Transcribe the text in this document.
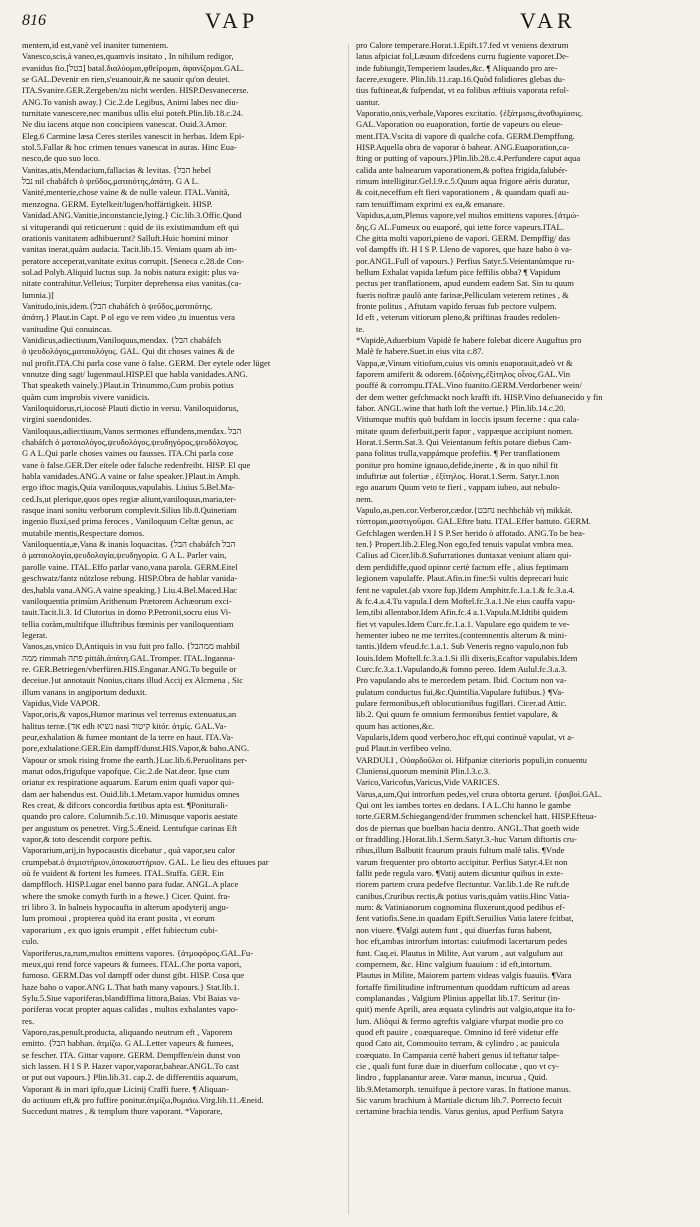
816	VAP	VAR
mentem,id est,vanè vel inaniter tumentem.
Vanesco,scis,à vaneo,es,quamvis insitato , In nihilum redigor,
evanidus fio.[בטל] batal.διαλύομαι,φθείρομαι, ἀφανίζομαι.GAL.
se GAL.Devenir en rien,s'euanouir,& ne sauoir qu'on deuiet.
ITA.Svanire.GER.Zergeben/zu nicht werden. HISP.Desvanecerse.
ANG.To vanish away.} Cic.2.de Legibus, Animi labes nec diu-
turnitate vanescere,nec manibus ullis elui poteft.Plin.lib.18.c.24.
Ne diu iacens atque non concipiens vanescat. Ouid.3.Amor.
Eleg.6 Carmine læsa Ceres steriles vanescit in herbas. Idem Epi-
stol.5.Fallar & hoc crimen tenues vanescat in auras. Hinc Eua-
nesco,de quo suo loco.
Vanitas,atis,Mendacium,fallacias & levitas. {הבל hebel
נבל nil chabáfch ὁ ψεῦδος,ματαιότης,ἀπάτη. G A L.
Vanité,menterie,chose vaine & de nulle valeur. ITAL.Vanità,
menzogna. GERM. Eytelkeit/lugen/hoffärtigkeit. HISP.
Vanidad.ANG.Vanitie,inconstancie,lying.} Cic.lib.3.Offic.Quod
si vituperandi qui reticuerunt : quid de iis existimandum eft qui
orationis vanitatem adhibuerunt? Salluft.Huic homini minor
vanitas inerat,quàm audacia. Tacit.lib.15. Veniam quam ab im-
peratore acceperat,vanitate exitus corrupit. [Seneca c.28.de Con-
sol.ad Polyb.Aliquid luctus sup. Ja nobis natura exigit: plus va-
nitate contrahitur.Velleius; Turpiter deprehensa eius vanitas.(ca-
lumnia.)]
Vanitudo,inis,idem.{הבל chabáfch ὁ ψεῦδος,ματαιότης.
ἀπάτη.} Plaut.in Capt. P ol ego ve rem video ,tu inuentus vera
vanitudine Qui conuincas.
Vanidicus,adiectiuum,Vaniloquus,mendax. {הבל chabáfch
ὁ ψευδολόγος,ματαιολόγος. GAL. Qui dit choses vaines & de
nul profit.ITA.Chi parla cose vane ò false. GERM. Der eytele oder lüget
vnnutze ding sagt/ lugenmaul.HISP.El que habla vanidades.ANG.
That speaketh vainely.}Plaut.in Trinummo,Cum probis potius
quàm cum improbis vivere vanidicis.
Vaniloquidorus,ri,iocosè Plauti dictio in versu. Vaniloquidorus,
virgini suendonides.
Vaniloquus,adiectiuum,Vanos sermones effundens,mendax. הבל
chabáfch ὁ ματαιολόγος,ψευδολόγος,ψευδηγόρος,ψευδόλογος.
G A L.Qui parle choses vaines ou fausses. ITA.Chi parla cose
vane ò false.GER.Der eitele oder falsche redenfreibt. HISP. El que
habla vanidades.ANG.A vaine or false speaker.}Plaut.in Amph.
ergo iftoc magis,Quia vaniloquus,vapulabis. Liuius 5.Bel.Ma-
ced.Is,ut plerique,quos opes regiæ aliunt,vaniloquus,maria,ter-
rasque inani sonitu verborum complevit.Silius lib.8.Quinetiam
ingenio fluxi,sed prima feroces , Vaniloquum Celtæ genus, ac
mutabile mentis,Respectare domos.
Vaniloquentia,æ,Vana & inanis loquacitas. {הבל chabáfch הבל
ὁ ματαιολογία,ψευδολογία,ψευδηγορία. G A L. Parler vain,
parolle vaine. ITAL.Effo parlar vano,vana parola. GERM.Eitel
geschwatz/fantz nützlose rebung. HISP.Obra de hablar vanida-
des,habla vana.ANG.A vaine speaking.} Liu.4.Bel.Maced.Hac
vaniloquentia primùm Arithenum Prætorem Achæorum exci-
tauit.Tacit.li.3. Id Clutorius in domo P.Petronii,socru eius Vi-
tellia coràm,multifque illuftribus fœminis per vaniloquentiam
legerat.
Vanos,as,vnico D,Antiquis in vsu fuit pro fallo. {ממהבל mahbil
ממה rimmah פתה pittáh.ἀπάτη.GAL.Tromper. ITAL.Inganna-
re. GER.Betriegen/vberfüren.HIS.Enganar.ANG.To beguile or
deceiue.}ut annotauit Nonius,citans illud Accij ex Alcmena , Sic
illum vanans in angiportum deduxit.
Vapidus,Vide VAPOR.
Vapor,oris,& vapos,Humor marinus vel terrenus extenuatus,an
halitus terræ.{אד edh נשיא nasi קיטור kitór. ἀτμίς. GAL.Va-
peur,exhalation & fumee montant de la terre en haut. ITA.Va-
pore,exhalatione.GER.Ein dampff/dunst.HIS.Vapor,& baho.ANG.
Vapour or smok rising frome the earth.}Luc.lib.6.Peruolitans per-
manat odos,frigufque vapofque. Cic.2.de Nat.deor. Ipse cum
oriatur ex respiratione aquarum. Earum enim quafi vapor qui-
dam aer habendus est. Ouid.lib.1.Metam.vapor humidus omnes
Res creat, & difcors concordia fœtibus apta est. ¶Poniturali-
quando pro calore. Columnib.5.c.10. Minusque vaporis aestate
per angustum os penetret. Virg.5.Æneid. Lentufque carinas Eft
vapor,& toto descendit corpore peftis.
Vaporarium,arij,in hypocaustis dicebatur , quà vapor,seu calor
crumpebat.ὁ ἀτμιστήριον,ὑποκαυστήριον. GAL. Le lieu des eftuues par
où fe vuident & fortent les fumees. ITAL.Stuffa. GER. Ein
dampffloch. HISP.Lugar enel banno para fudar. ANGL.A place
where the smoke comyth furth in a ftewe.} Cicer. Quint. fra-
tri libro 3. In balneis hypocaufta in alterum apodyterij angu-
lum promoui , propterea quòd ita erant posita , vt eorum
vaporarium , ex quo ignis erumpit , effet fubiectum cubi-
culo.
Vaporiferus,ra,rum,multos emittens vapores. {ἀτμοφόρος.GAL.Fu-
meux,qui rend force vapeurs & fumees. ITAL.Che porta vapori,
fumoso. GERM.Das vol dampff oder dunst gibt. HISP. Cosa que
haze baho o vapor.ANG L.That bath many vapours.} Stat.lib.1.
Sylu.5.Siue vaporiferas,blandiffima littora,Baias. Vbi Baias va-
poriferas vocat propter aquas calidas , multos exhalantes vapo-
res.
Vaporo,ras,penult.producta, aliquando neutrum eft , Vaporem
emitto. {הבל habhan. ἀτμίζω. G AL.Letter vapeurs & fumees,
se fescher. ITA. Gittar vapore. GERM. Dempffen/ein dunst von
sich lassen. H I S P. Hazer vapor,vaporar,bahear.ANGL.To cast
or put out vapours.} Plin.lib.31. cap.2. de differentiis aquarum,
Vaporant & in mari ipfo,quæ Licinij Craffi fuere. ¶ Aliquan-
do actiuum eft,& pro fuffire ponitur.ἀτμίζω,θυμιάω.Virg.lib.11.Æneid.
Succedunt matres , & templum thure vaporant. *Vaporare,
pro Calore temperare.Horat.1.Epift.17.fed vt veniens dextrum
latus afpiciat fol,Læuum difcedens curru fugiente vaporet.De-
inde fubiungit,Temperiem laudes,&c. ¶ Aliquando pro are-
facere,exugere. Plin.lib.11.cap.16.Quòd folidiores glebas du-
tius fuftineat,& fufpendat, vt ea folibus æftiuis vaporata refol-
uantur.
Vaporatio,onis,verbale,Vapores excitatio. {ἐξάτμισις,ἀναθυμίασις.
GAL.Vaporation ou euaporation, fortie de vapeurs ou eleue-
ment.ITA.Vscita di vapore di qualche cofa. GERM.Dempffung.
HISP.Aquella obra de vaporar ò bahear. ANG.Euaporation,ca-
fting or putting of vapours.}Plin.lib.28.c.4.Perfundere caput aqua
calida ante balnearum vaporationem,& poftea frigida,falubér-
rimum intelligitur.Gel.l.9.c.5.Quum aqua frigore aëris duratur,
& coit,neceffum eft fieri vaporationem , & quandam quafi au-
ram tenuiffimam exprimi ex ea,& emanare.
Vapidus,a,um,Plenus vapore,vel multos emittens vapores.{ἀτμώ-
δης.G AL.Fumeux ou euaporé, qui iette force vapeurs.ITAL.
Che gitta molti vapori,pieno de vapori. GERM. Dempffig/ das
vol dampffs ift. H I S P. Lleno de vapores, que haze baho ò va-
por.ANGL.Full of vapours.} Perfius Satyr.5.Veientanùmque ru-
bellum Exhalat vapida læfum pice feffilis obba? ¶ Vapidum
pectus per tranflationem, apud eundem eadem Sat. Sin tu quum
fueris noftræ paulò ante farinæ,Pelliculam veterem retines , &
fronte politus , Aftutam vapido feruas fub pectore vulpem.
Id eft , veterum vitiorum pleno,& priftinas fraudes redolen-
te.
*Vapidè,Aduerbium Vapidè fe habere folebat dicere Auguftus pro
Malè fe habere.Suet.in eius vita c.87.
Vappa,æ,Vinum vitiofum,cuius vis omnis euaporauit,adeò vt &
faporem amiferit & odorem.{ὀξοίνης,ἐξίτηλος οἶνος.GAL.Vin
pouffé & corrompu.ITAL.Vino fuanito.GERM.Verdorbener wein/
der dem wetter gefchmackt noch krafft ift. HISP.Vino defuanecido y fin
fabor. ANGL.wine that hath loft the vertue.} Plin.lib.14.c.20.
Vitiumque muftis quò bufdam in loccis ipsum fecerne : qua cala-
mitate quum deferbuit,perit fapor , vappæque accipiunt nomen.
Horat.1.Serm.Sat.3. Qui Veientanum feftis potare diebus Cam-
pana folitus trulla,vappámque profeftis. ¶ Per tranflationem
ponitur pro homine ignauo,defide,inerte , & in quo nihil fit
induftriæ aut folertiæ , ἐξίτηλος. Horat.1.Serm. Satyr.1.non
ego auarum Quum veto te fieri , vappam iubeo, aut nebulo-
nem.
Vapulo,as,pen.cor.Verberor,cædor.{נחבט nechbchàb νὴ mikkát.
τύπτομαι,μαστιγοῦμαι. GAL.Eftre batu. ITAL.Effer battuto. GERM.
Gefchlagen werden.H I S P.Ser herido ò affotado. ANG.To be bea-
ten.} Propert.lib.2.Eleg.Non ego,fed tenuis vapulat vmbra mea.
Calius ad Cicer.lib.8.Sufurrationes duntaxat veniunt aliam qui-
dem perdidiffe,quod opinor certè factum effe , alius feptimam
legionem vapulaffe. Plaut.Afin.in fine:Si vultis deprecari huic
fent ne vapulet.(ab vxore fup.)Idem Amphitr.fc.1.a.1.& fc.3.a.4.
& fc.4.a.4.Tu vapula.I dem Moftel.fc.3.a.1.Ne eius cauffa vapu-
lem,tibi allentabor.Idem Afin.fc.4 a.1.Vapula.M.Idtibi quidem
fiet vt vapules.Idem Curc.fc.1.a.1. Vapulare ego quidem te ve-
hementer iubeo ne me territes.(contemnentis alterum & mini-
tantis.)Idem vfeud.fc.1.a.1. Sub Veneris regno vapulo,non fub
Iouis.Idem Moftell.fc.3.a.1.Si illi dixeris,Ecaftor vapulabis.Idem
Curc.fc.3.a.1.Vapulando,& fomno pereo. Idem Aulul.fc.3.a.3.
Pro vapulando abs te mercedem petam. Ibid. Coctum non va-
pulatum conductus fui,&c.Quintilia.Vapulare fuftibus.} ¶Va-
pulare fermonibus,eft oblocutionibus fugillari. Cicer.ad Attic.
lib.2. Qui quum fe omnium fermonibus fentiet vapulare, &
quum has actiones,&c.
Vapularis,Idem quod verbero,hoc eft,qui continuè vapulat, vt a-
pud Plaut.in verfibeo velno.
VARDULI , Οὐαρδοῦλοι οἱ. Hifpaniæ citerioris populi,in conuentu
Cluniensi,quorum meminit Plin.l.3.c.3.
Varico,Varicofus,Varicus,Vide VARICES.
Varus,a,um,Qui introrfum pedes,vel crura obtorta gerunt. {ῥαιβοὶ.GAL.
Qui ont les iambes tortes en dedans. I A L.Chi hanno le gambe
torte.GERM.Schiegangend/der frummen schenckel hatt. HISP.Efteua-
dos de piernas que buelban hacia dentro. ANGL.That goeth wide
or ftraddling.}Horat.lib.1.Serm.Satyr.3.-huc Varum diftortis cru-
ribus,illum Balbutit fcaurum prauis fultum malè talis. ¶Vnde
varum frequenter pro obtorto accipitur. Perfius Satyr.4.Et non
fallit pede regula varo. ¶Vatij autem dicuntur quibus in exte-
riorem partem crura pedefve flectuntur. Var.lib.1.de Re ruft.de
canibus,Cruribus rectis,& potius varis,quàm vatiis.Hinc Vatia-
num: & Vatinianorum cognomina fluxerunt,quod pedibus ef-
fent vatiofis.Sene.in quadam Epift.Seruilius Vatia latere fcitbat,
non viuere. ¶Valgi autem funt , qui diuerfas furas habent,
hoc eft,ambas introrfum intortas: cuiufmodi lacertarum pedes
funt. Caq.ei. Plautus in Milite, Aut varum , aut valgulum aut
compernem, &c. Hinc valgium fuauium : id eft,intortum.
Plautus in Milite, Maiorem partem videas valgis fuauiis. ¶Vara
fortaffe fimilitudine inftrumentum quoddam rufticum ad areas
complanandas , Valgium Plinius appellat lib.17. Seritur (in-
quit) menfe Aprili, area æquata cylindris aut valgio,atque ita fo-
lum. Aliòqui & fermo agreftis valgiare vfurpat modie pro co
quod eft pauire , coæquareque. Omnino id ferè videtur effe
quod Cato ait, Commouito terram, & cylindro , ac pauicula
coæquato. In Campania certè haberi genus id teftatur talpe-
cie , quali funt furæ duæ in diuerfum collocatæ , quo vt cy-
lindro , fupplanantur areæ. Varæ manus, incurua , Quid.
lib.9.Metamorph. tenuifque à pectore varas. In ftatione manus.
Sic varum brachium à Martiale dictum lib.7. Porrecto fecuit
certamine brachia tendis. Varus genius, apud Perfium Satyra
